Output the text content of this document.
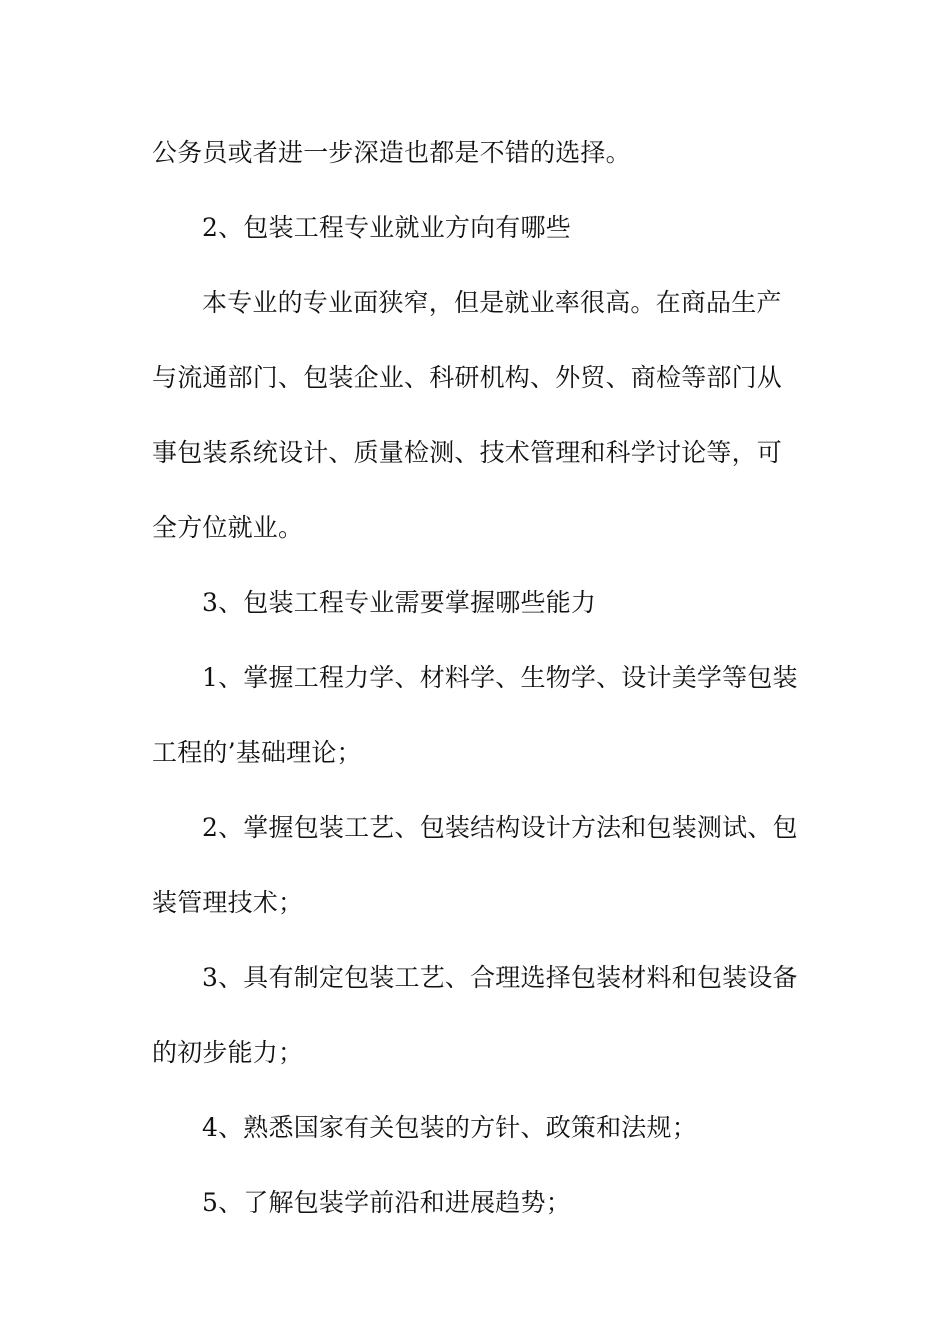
公务员或者进一步深造也都是不错的选择。

2、包装工程专业就业方向有哪些

本专业的专业面狭窄，但是就业率很高。在商品生产

与流通部门、包装企业、科研机构、外贸、商检等部门从

事包装系统设计、质量检测、技术管理和科学讨论等，可

全方位就业。

3、包装工程专业需要掌握哪些能力

1、掌握工程力学、材料学、生物学、设计美学等包装

工程的’基础理论；

2、掌握包装工艺、包装结构设计方法和包装测试、包

装管理技术；

3、具有制定包装工艺、合理选择包装材料和包装设备

的初步能力；

4、熟悉国家有关包装的方针、政策和法规；

5、了解包装学前沿和进展趋势；
